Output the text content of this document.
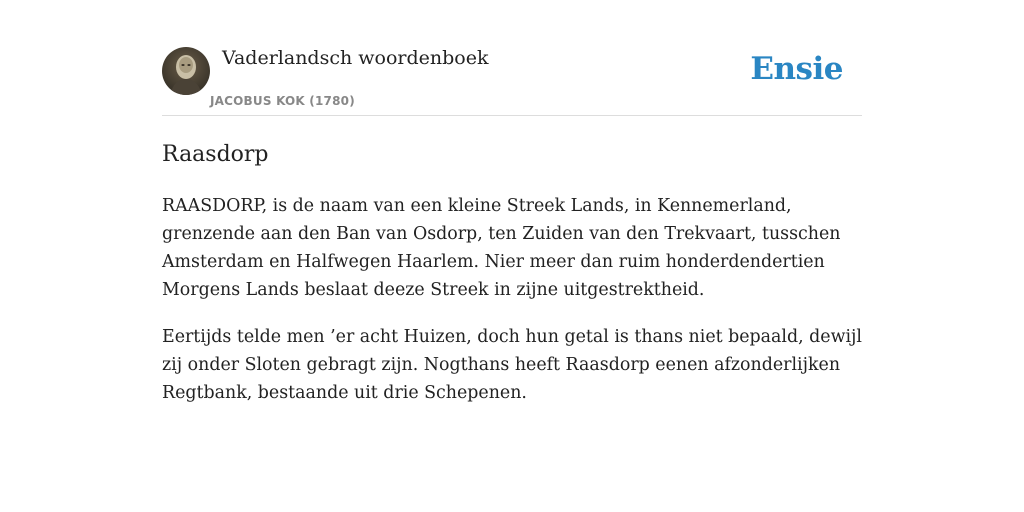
Vaderlandsch woordenboek
JACOBUS KOK (1780)
Ensie
Raasdorp

RAASDORP, is de naam van een kleine Streek Lands, in Kennemerland, grenzende aan den Ban van Osdorp, ten Zuiden van den Trekvaart, tusschen Amsterdam en Halfwegen Haarlem. Nier meer dan ruim honderdendertien Morgens Lands beslaat deeze Streek in zijne uitgestrektheid.

Eertijds telde men ’er acht Huizen, doch hun getal is thans niet bepaald, dewijl zij onder Sloten gebragt zijn. Nogthans heeft Raasdorp eenen afzonderlijken Regtbank, bestaande uit drie Schepenen.
